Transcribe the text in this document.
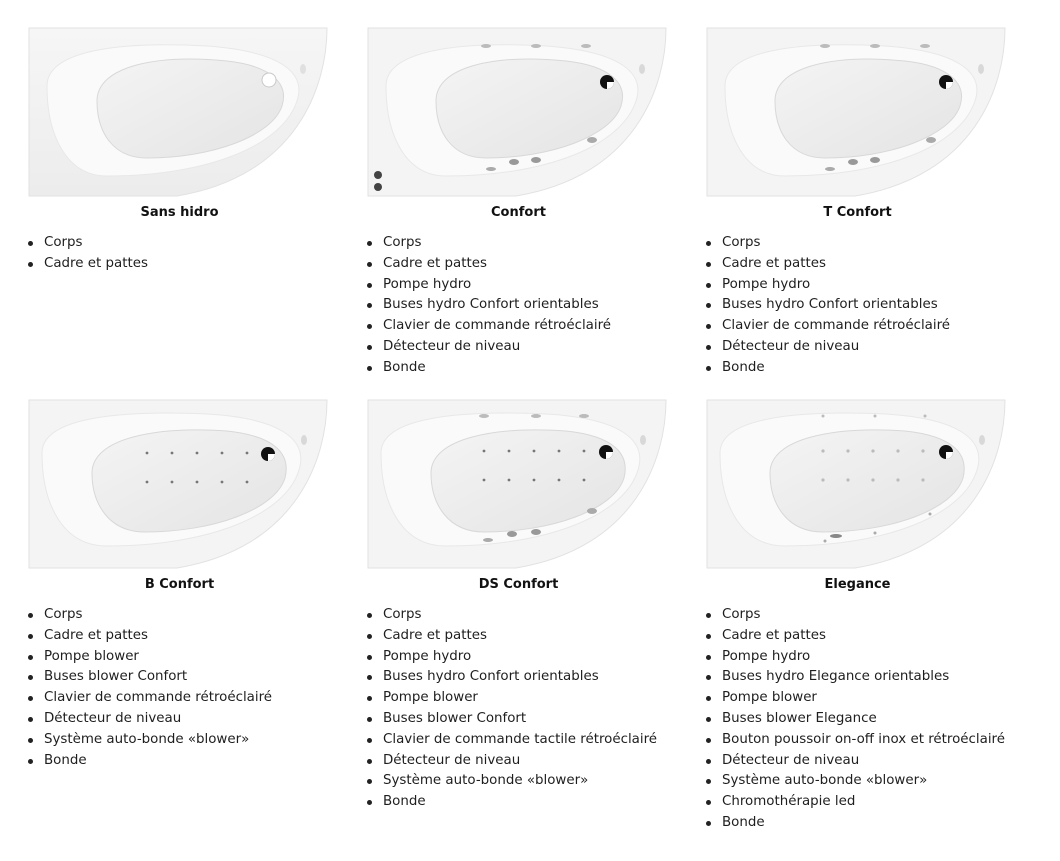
Sans hidro
Corps
Cadre et pattes
Confort
Corps
Cadre et pattes
Pompe hydro
Buses hydro Confort orientables
Clavier de commande rétroéclairé
Détecteur de niveau
Bonde
T Confort
Corps
Cadre et pattes
Pompe hydro
Buses hydro Confort orientables
Clavier de commande rétroéclairé
Détecteur de niveau
Bonde
B Confort
Corps
Cadre et pattes
Pompe blower
Buses blower Confort
Clavier de commande rétroéclairé
Détecteur de niveau
Système auto-bonde «blower»
Bonde
DS Confort
Corps
Cadre et pattes
Pompe hydro
Buses hydro Confort orientables
Pompe blower
Buses blower Confort
Clavier de commande tactile rétroéclairé
Détecteur de niveau
Système auto-bonde «blower»
Bonde
Elegance
Corps
Cadre et pattes
Pompe hydro
Buses hydro Elegance orientables
Pompe blower
Buses blower Elegance
Bouton poussoir on-off inox et rétroéclairé
Détecteur de niveau
Système auto-bonde «blower»
Chromothérapie led
Bonde
